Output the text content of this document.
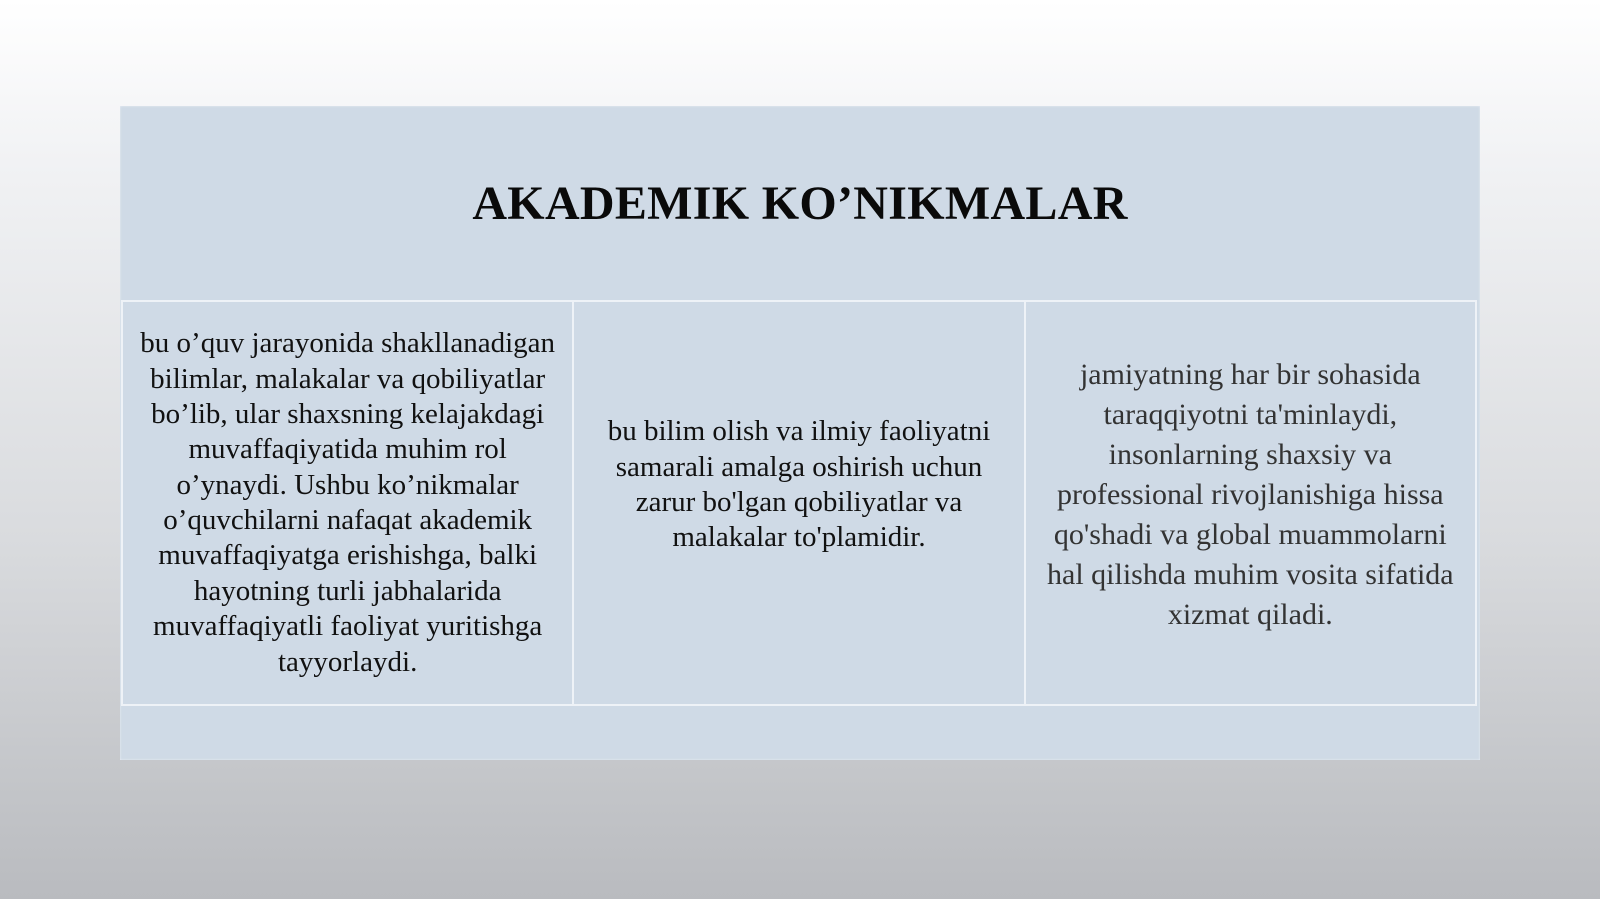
AKADEMIK KO’NIKMALAR
bu o’quv jarayonida shakllanadigan bilimlar, malakalar va qobiliyatlar bo’lib, ular shaxsning kelajakdagi muvaffaqiyatida muhim rol o’ynaydi. Ushbu ko’nikmalar o’quvchilarni nafaqat akademik muvaffaqiyatga erishishga, balki hayotning turli jabhalarida muvaffaqiyatli faoliyat yuritishga tayyorlaydi.
bu bilim olish va ilmiy faoliyatni samarali amalga oshirish uchun zarur bo'lgan qobiliyatlar va malakalar to'plamidir.
jamiyatning har bir sohasida taraqqiyotni ta'minlaydi, insonlarning shaxsiy va professional rivojlanishiga hissa qo'shadi va global muammolarni hal qilishda muhim vosita sifatida xizmat qiladi.
